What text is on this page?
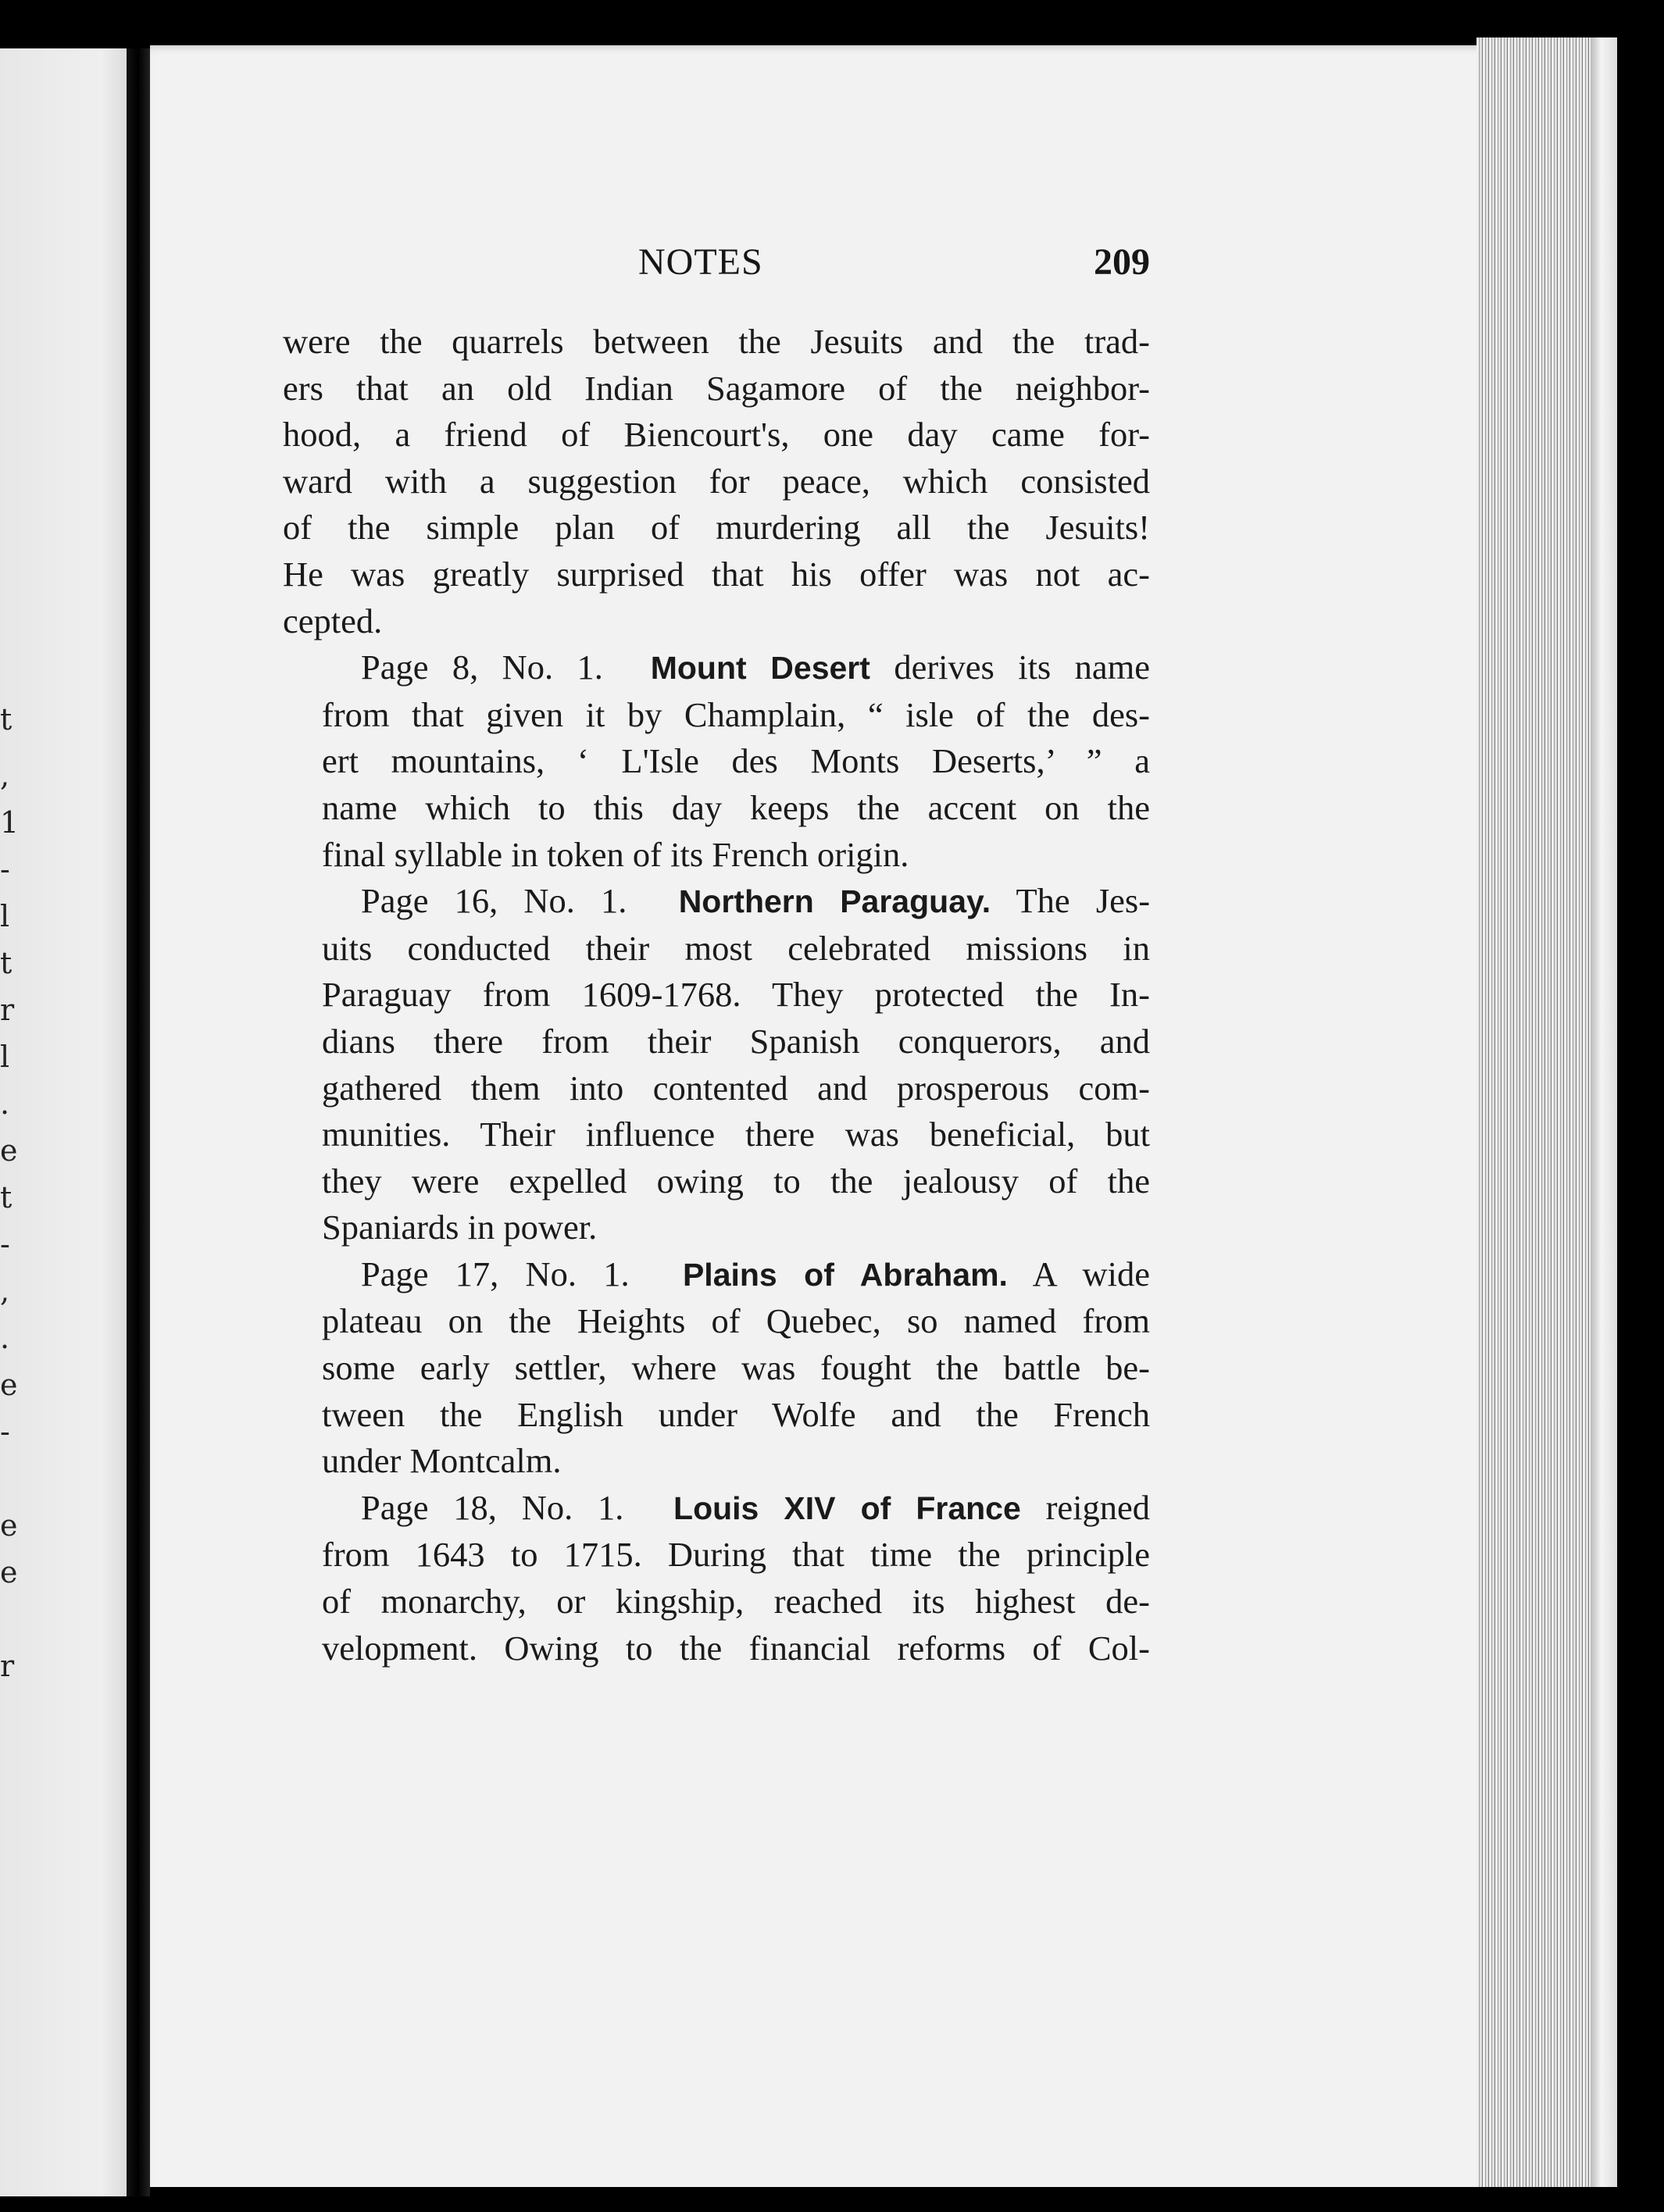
t
,
1
-
l
t
r
l
.
e
t
-
,
.
e
-
e
e
r
NOTES	209

were the quarrels between the Jesuits and the trad-
ers that an old Indian Sagamore of the neighbor-
hood, a friend of Biencourt's, one day came for-
ward with a suggestion for peace, which consisted
of the simple plan of murdering all the Jesuits!
He was greatly surprised that his offer was not ac-
cepted.

Page 8, No. 1. Mount Desert derives its name
from that given it by Champlain, “ isle of the des-
ert mountains, ‘ L'Isle des Monts Deserts,’ ” a
name which to this day keeps the accent on the
final syllable in token of its French origin.

Page 16, No. 1. Northern Paraguay. The Jes-
uits conducted their most celebrated missions in
Paraguay from 1609-1768. They protected the In-
dians there from their Spanish conquerors, and
gathered them into contented and prosperous com-
munities. Their influence there was beneficial, but
they were expelled owing to the jealousy of the
Spaniards in power.

Page 17, No. 1. Plains of Abraham. A wide
plateau on the Heights of Quebec, so named from
some early settler, where was fought the battle be-
tween the English under Wolfe and the French
under Montcalm.

Page 18, No. 1. Louis XIV of France reigned
from 1643 to 1715. During that time the principle
of monarchy, or kingship, reached its highest de-
velopment. Owing to the financial reforms of Col-
